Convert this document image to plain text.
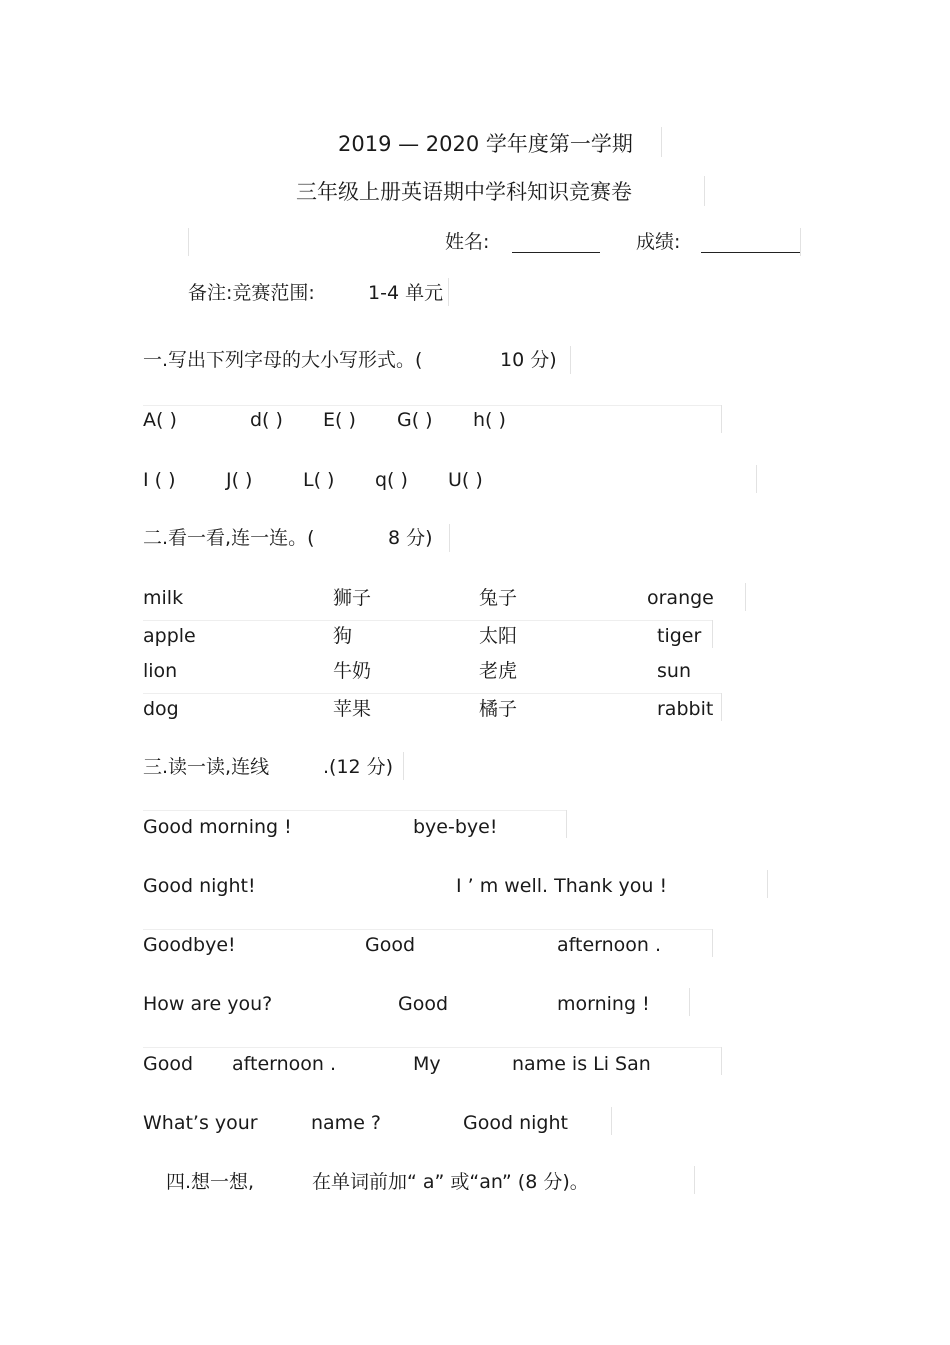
2019 — 2020 学年度第一学期
三年级上册英语期中学科知识竞赛卷
姓名:	成绩:
备注:竞赛范围:	1-4 单元
一.写出下列字母的大小写形式。(	10 分)
A( )	d( ) E( ) G( ) h( )
I ( )	J( )	L( ) q( ) U( )
二.看一看,连一连。(	8 分)
milk	狮子	兔子	orange
apple	狗	太阳	tiger
lion	牛奶	老虎	sun
dog	苹果	橘子	rabbit
三.读一读,连线	.(12 分)
Good morning !	bye-bye!
Good night!	I ’ m well. Thank you !
Goodbye!	Good	afternoon .
How are you?	Good	morning !
Good afternoon .	My	name is Li San
What’s your	name ?	Good night
四.想一想,	在单词前加“ a” 或“an” (8 分)。
